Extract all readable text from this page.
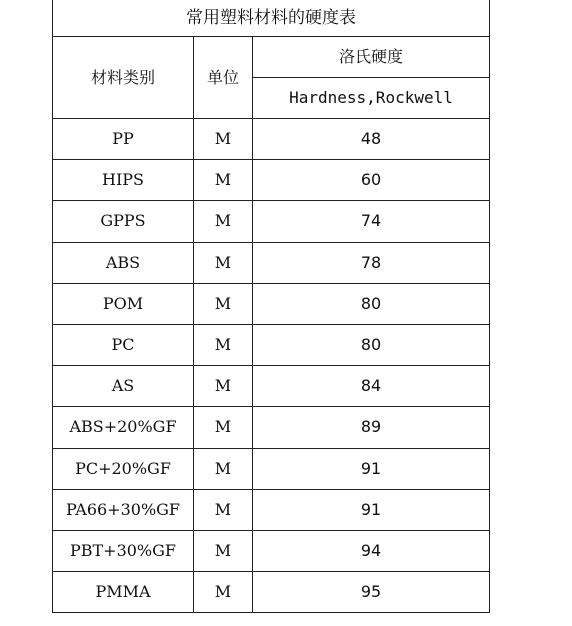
常用塑料材料的硬度表		
材料类别	单位	洛氏硬度
		Hardness,Rockwell
PP	M	48
HIPS	M	60
GPPS	M	74
ABS	M	78
POM	M	80
PC	M	80
AS	M	84
ABS+20%GF	M	89
PC+20%GF	M	91
PA66+30%GF	M	91
PBT+30%GF	M	94
PMMA	M	95
